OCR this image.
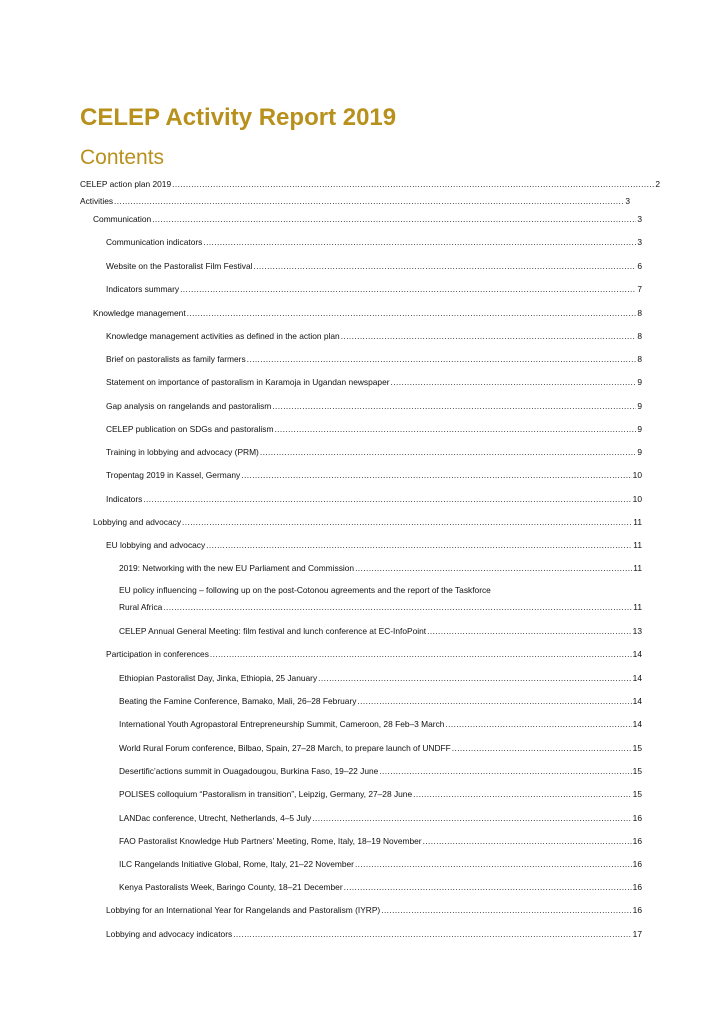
CELEP Activity Report 2019
Contents
CELEP action plan 2019 .....	2
Activities .....	3
Communication .....	3
Communication indicators .....	3
Website on the Pastoralist Film Festival .....	6
Indicators summary .....	7
Knowledge management .....	8
Knowledge management activities as defined in the action plan .....	8
Brief on pastoralists as family farmers .....	8
Statement on importance of pastoralism in Karamoja in Ugandan newspaper .....	9
Gap analysis on rangelands and pastoralism .....	9
CELEP publication on SDGs and pastoralism .....	9
Training in lobbying and advocacy (PRM) .....	9
Tropentag 2019 in Kassel, Germany .....	10
Indicators .....	10
Lobbying and advocacy .....	11
EU lobbying and advocacy .....	11
2019: Networking with the new EU Parliament and Commission .....	11
EU policy influencing – following up on the post-Cotonou agreements and the report of the Taskforce
Rural Africa .....	11
CELEP Annual General Meeting: film festival and lunch conference at EC-InfoPoint .....	13
Participation in conferences .....	14
Ethiopian Pastoralist Day, Jinka, Ethiopia, 25 January .....	14
Beating the Famine Conference, Bamako, Mali, 26–28 February .....	14
International Youth Agropastoral Entrepreneurship Summit, Cameroon, 28 Feb–3 March .....	14
World Rural Forum conference, Bilbao, Spain, 27–28 March, to prepare launch of UNDFF .....	15
Desertific’actions summit in Ouagadougou, Burkina Faso, 19–22 June .....	15
POLISES colloquium “Pastoralism in transition”, Leipzig, Germany, 27–28 June .....	15
LANDac conference, Utrecht, Netherlands, 4–5 July .....	16
FAO Pastoralist Knowledge Hub Partners’ Meeting, Rome, Italy, 18–19 November .....	16
ILC Rangelands Initiative Global, Rome, Italy, 21–22 November .....	16
Kenya Pastoralists Week, Baringo County, 18–21 December .....	16
Lobbying for an International Year for Rangelands and Pastoralism (IYRP) .....	16
Lobbying and advocacy indicators .....	17
